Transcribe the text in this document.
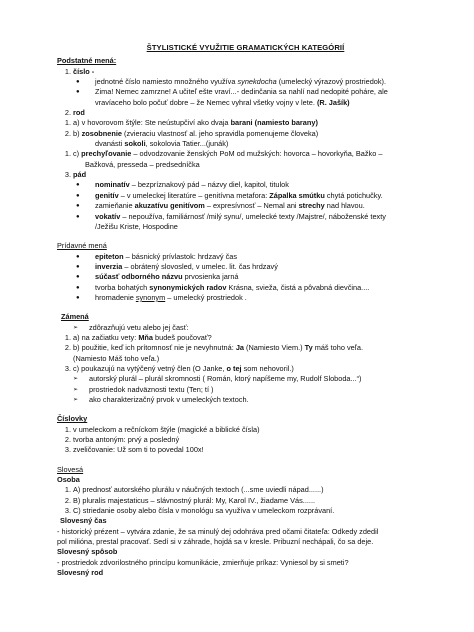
ŠTYLISTICKÉ VYUŽITIE GRAMATICKÝCH KATEGÓRIÍ
Podstatné mená:
1. číslo -
● jednotné číslo namiesto množného využíva synekdocha (umelecký výrazový prostriedok).
● Zima! Nemec zamrzne! A učiteľ ešte vraví...- dedinčania sa nahlí nad nedopité poháre, ale
vravíaceho bolo počuť dobre – že Nemec vyhral všetky vojny v lete. (R. Jašík)
2. rod
1. a) v hovorovom štýle: Ste neústupčiví ako dvaja barani (namiesto barany)
2. b) zosobnenie (zvieraciu vlastnosť al. jeho spravidla pomenujeme človeka)
dvanásti sokoli, sokolovia Tatier...(junák)
1. c) prechyľovanie – odvodzovanie ženských PoM od mužských: hovorca – hovorkyňa, Bažko –
Bažková, presseda – predsedníčka
3. pád
● nominatív – bezpríznakový pád – názvy diel, kapitol, titulok
● genitív – v umeleckej literatúre – genitívna metafora: Zápalka smútku chytá potichučky.
● zamieňanie akuzatívu genitívom – expresívnosť – Nemal ani strechy nad hlavou.
● vokatív – nepoužíva, familiárnosť /milý synu/, umelecké texty /Majstre/, náboženské texty
/Ježišu Kriste, Hospodine
Prídavné mená
● epiteton – básnický prívlastok: hrdzavý čas
● inverzia – obrátený slovosled, v umelec. lit. čas hrdzavý
● súčasť odborného názvu prvosienka jarná
● tvorba bohatých synonymických radov Krásna, svieža, čistá a pôvabná dievčina....
● hromadenie synonym – umelecký prostriedok .
Zámená
➢ zdôrazňujú vetu alebo jej časť:
1. a) na začiatku vety: Mňa budeš poučovať?
2. b) použitie, keď ich prítomnosť nie je nevyhnutná: Ja (Namiesto Viem.) Ty máš toho veľa.
(Namiesto Máš toho veľa.)
3. c) poukazujú na vytýčený vetný člen (O Janke, o tej som nehovoril.)
➢ autorský plurál – plurál skromnosti ( Román, ktorý napíšeme my, Rudolf Sloboda...“)
➢ prostriedok nadväznosti textu (Ten; tí )
➢ ako charakterizačný prvok v umeleckých textoch.
Číslovky
1. v umeleckom a rečníckom štýle (magické a biblické čísla)
2. tvorba antoným: prvý a posledný
3. zveličovanie: Už som ti to povedal 100x!
Slovesá
Osoba
1. A) prednosť autorského plurálu v náučných textoch (...sme uviedli nápad......)
2. B) pluralis majestaticus – slávnostný plurál: My, Karol IV., žiadame Vás......
3. C) striedanie osoby alebo čísla v monológu sa využíva v umeleckom rozprávaní.
Slovesný čas
- historický prézent – vytvára zdanie, že sa minulý dej odohráva pred očami čitateľa: Odkedy zdedil
pol milióna, prestal pracovať. Sedí si v záhrade, hojdá sa v kresle. Pribuzní nechápali, čo sa deje.
Slovesný spôsob
- prostriedok zdvorilostného princípu komunikácie, zmierňuje príkaz: Vyniesol by si smeti?
Slovesný rod
